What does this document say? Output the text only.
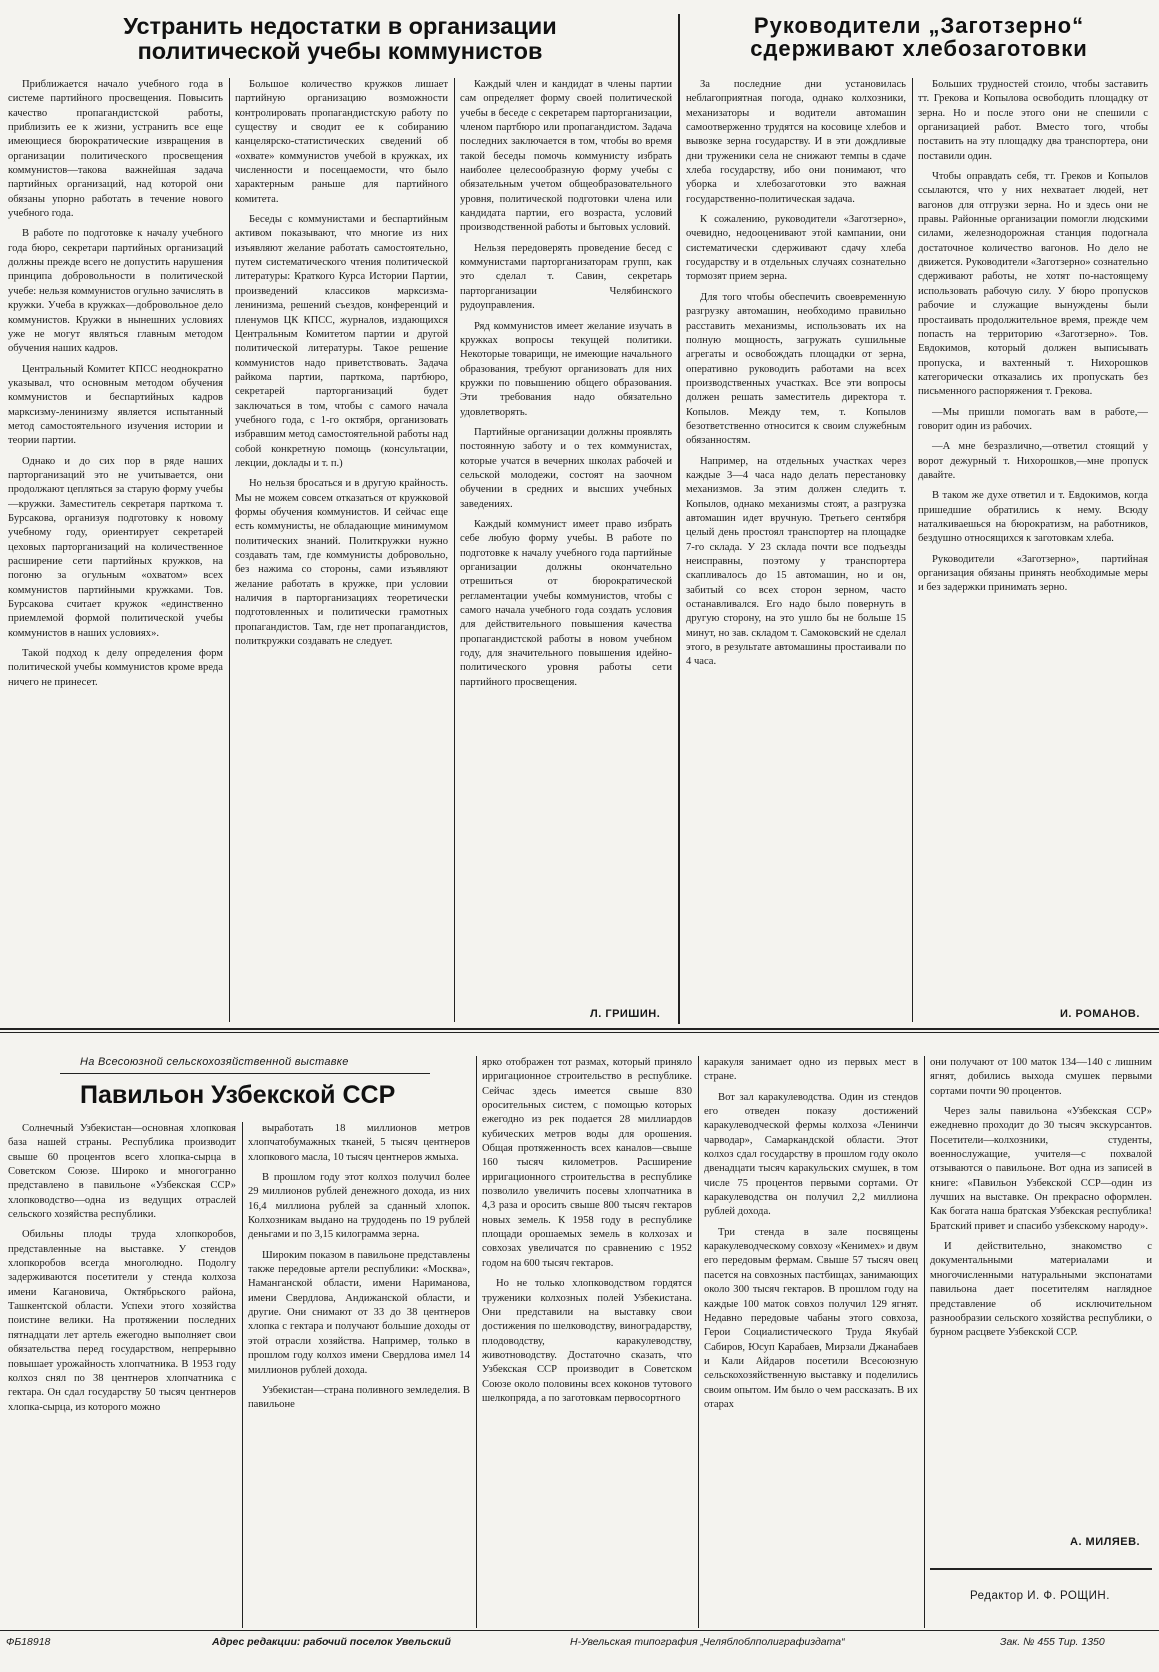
Устранить недостатки в организации
политической учебы коммунистов

Приближается начало учебного года в системе партийного просвещения. Повысить качество пропагандистской работы, приблизить ее к жизни, устранить все еще имеющиеся бюрократические извращения в организации политического просвещения коммунистов—такова важнейшая задача партийных организаций, над которой они обязаны упорно работать в течение нового учебного года.

В работе по подготовке к началу учебного года бюро, секретари партийных организаций должны прежде всего не допустить нарушения принципа добровольности в политической учебе: нельзя коммунистов огульно зачислять в кружки. Учеба в кружках—добровольное дело коммунистов. Кружки в нынешних условиях уже не могут являться главным методом обучения наших кадров.

Центральный Комитет КПСС неоднократно указывал, что основным методом обучения коммунистов и беспартийных кадров марксизму-ленинизму является испытанный метод самостоятельного изучения истории и теории партии.

Однако и до сих пор в ряде наших парторганизаций это не учитывается, они продолжают цепляться за старую форму учебы—кружки. Заместитель секретаря парткома т. Бурсакова, организуя подготовку к новому учебному году, ориентирует секретарей цеховых парторганизаций на количественное расширение сети партийных кружков, на погоню за огульным «охватом» всех коммунистов партийными кружками. Тов. Бурсакова считает кружок «единственно приемлемой формой политической учебы коммунистов в наших условиях».

Такой подход к делу определения форм политической учебы коммунистов кроме вреда ничего не принесет.

Большое количество кружков лишает партийную организацию возможности контролировать пропагандистскую работу по существу и сводит ее к собиранию канцелярско-статистических сведений об «охвате» коммунистов учебой в кружках, их численности и посещаемости, что было характерным раньше для партийного комитета.

Беседы с коммунистами и беспартийным активом показывают, что многие из них изъявляют желание работать самостоятельно, путем систематического чтения политической литературы: Краткого Курса Истории Партии, произведений классиков марксизма-ленинизма, решений съездов, конференций и пленумов ЦК КПСС, журналов, издающихся Центральным Комитетом партии и другой политической литературы. Такое решение коммунистов надо приветствовать. Задача райкома партии, парткома, партбюро, секретарей парторганизаций будет заключаться в том, чтобы с самого начала учебного года, с 1-го октября, организовать избравшим метод самостоятельной работы над собой конкретную помощь (консультации, лекции, доклады и т. п.)

Но нельзя бросаться и в другую крайность. Мы не можем совсем отказаться от кружковой формы обучения коммунистов. И сейчас еще есть коммунисты, не обладающие минимумом политических знаний. Политкружки нужно создавать там, где коммунисты добровольно, без нажима со стороны, сами изъявляют желание работать в кружке, при условии наличия в парторганизациях теоретически подготовленных и политически грамотных пропагандистов. Там, где нет пропагандистов, политкружки создавать не следует.

Каждый член и кандидат в члены партии сам определяет форму своей политической учебы в беседе с секретарем парторганизации, членом партбюро или пропагандистом. Задача последних заключается в том, чтобы во время такой беседы помочь коммунисту избрать наиболее целесообразную форму учебы с обязательным учетом общеобразовательного уровня, политической подготовки члена или кандидата партии, его возраста, условий производственной работы и бытовых условий.

Нельзя передоверять проведение бесед с коммунистами парторганизаторам групп, как это сделал т. Савин, секретарь парторганизации Челябинского рудоуправления.

Ряд коммунистов имеет желание изучать в кружках вопросы текущей политики. Некоторые товарищи, не имеющие начального образования, требуют организовать для них кружки по повышению общего образования. Эти требования надо обязательно удовлетворять.

Партийные организации должны проявлять постоянную заботу и о тех коммунистах, которые учатся в вечерних школах рабочей и сельской молодежи, состоят на заочном обучении в средних и высших учебных заведениях.

Каждый коммунист имеет право избрать себе любую форму учебы. В работе по подготовке к началу учебного года партийные организации должны окончательно отрешиться от бюрократической регламентации учебы коммунистов, чтобы с самого начала учебного года создать условия для действительного повышения качества пропагандистской работы в новом учебном году, для значительного повышения идейно-политического уровня работы сети партийного просвещения.

Л. ГРИШИН.
Руководители „Заготзерно“
сдерживают хлебозаготовки

За последние дни установилась неблагоприятная погода, однако колхозники, механизаторы и водители автомашин самоотверженно трудятся на косовице хлебов и вывозке зерна государству. И в эти дождливые дни труженики села не снижают темпы в сдаче хлеба государству, ибо они понимают, что уборка и хлебозаготовки это важная государственно-политическая задача.

К сожалению, руководители «Заготзерно», очевидно, недооценивают этой кампании, они систематически сдерживают сдачу хлеба государству и в отдельных случаях сознательно тормозят прием зерна.

Для того чтобы обеспечить своевременную разгрузку автомашин, необходимо правильно расставить механизмы, использовать их на полную мощность, загружать сушильные агрегаты и освобождать площадки от зерна, оперативно руководить работами на всех производственных участках. Все эти вопросы должен решать заместитель директора т. Копылов. Между тем, т. Копылов безответственно относится к своим служебным обязанностям.

Например, на отдельных участках через каждые 3—4 часа надо делать перестановку механизмов. За этим должен следить т. Копылов, однако механизмы стоят, а разгрузка автомашин идет вручную. Третьего сентября целый день простоял транспортер на площадке 7-го склада. У 23 склада почти все подъезды неисправны, поэтому у транспортера скапливалось до 15 автомашин, но и он, забитый со всех сторон зерном, часто останавливался. Его надо было повернуть в другую сторону, на это ушло бы не больше 15 минут, но зав. складом т. Самоковский не сделал этого, в результате автомашины простаивали по 4 часа.

Больших трудностей стоило, чтобы заставить тт. Грекова и Копылова освободить площадку от зерна. Но и после этого они не спешили с организацией работ. Вместо того, чтобы поставить на эту площадку два транспортера, они поставили один.

Чтобы оправдать себя, тт. Греков и Копылов ссылаются, что у них нехватает людей, нет вагонов для отгрузки зерна. Но и здесь они не правы. Районные организации помогли людскими силами, железнодорожная станция подогнала достаточное количество вагонов. Но дело не движется. Руководители «Заготзерно» сознательно сдерживают работы, не хотят по-настоящему использовать рабочую силу. У бюро пропусков рабочие и служащие вынуждены были простаивать продолжительное время, прежде чем попасть на территорию «Заготзерно». Тов. Евдокимов, который должен выписывать пропуска, и вахтенный т. Нихорошков категорически отказались их пропускать без письменного распоряжения т. Грекова.

—Мы пришли помогать вам в работе,—говорит один из рабочих.

—А мне безразлично,—ответил стоящий у ворот дежурный т. Нихорошков,—мне пропуск давайте.

В таком же духе ответил и т. Евдокимов, когда пришедшие обратились к нему. Всюду наталкиваешься на бюрократизм, на работников, бездушно относящихся к заготовкам хлеба.

Руководители «Заготзерно», партийная организация обязаны принять необходимые меры и без задержки принимать зерно.

И. РОМАНОВ.
На Всесоюзной сельскохозяйственной выставке
Павильон Узбекской ССР

Солнечный Узбекистан—основная хлопковая база нашей страны. Республика производит свыше 60 процентов всего хлопка-сырца в Советском Союзе. Широко и многогранно представлено в павильоне «Узбекская ССР» хлопководство—одна из ведущих отраслей сельского хозяйства республики.

Обильны плоды труда хлопкоробов, представленные на выставке. У стендов хлопкоробов всегда многолюдно. Подолгу задерживаются посетители у стенда колхоза имени Кагановича, Октябрьского района, Ташкентской области. Успехи этого хозяйства поистине велики. На протяжении последних пятнадцати лет артель ежегодно выполняет свои обязательства перед государством, непрерывно повышает урожайность хлопчатника. В 1953 году колхоз снял по 38 центнеров хлопчатника с гектара. Он сдал государству 50 тысяч центнеров хлопка-сырца, из которого можно

выработать 18 миллионов метров хлопчатобумажных тканей, 5 тысяч центнеров хлопкового масла, 10 тысяч центнеров жмыха.

В прошлом году этот колхоз получил более 29 миллионов рублей денежного дохода, из них 16,4 миллиона рублей за сданный хлопок. Колхозникам выдано на трудодень по 19 рублей деньгами и по 3,15 килограмма зерна.

Широким показом в павильоне представлены также передовые артели республики: «Москва», Наманганской области, имени Нариманова, имени Свердлова, Андижанской области, и другие. Они снимают от 33 до 38 центнеров хлопка с гектара и получают большие доходы от этой отрасли хозяйства. Например, только в прошлом году колхоз имени Свердлова имел 14 миллионов рублей дохода.

Узбекистан—страна поливного земледелия. В павильоне

ярко отображен тот размах, который приняло ирригационное строительство в республике. Сейчас здесь имеется свыше 830 оросительных систем, с помощью которых ежегодно из рек подается 28 миллиардов кубических метров воды для орошения. Общая протяженность всех каналов—свыше 160 тысяч километров. Расширение ирригационного строительства в республике позволило увеличить посевы хлопчатника в 4,3 раза и оросить свыше 800 тысяч гектаров новых земель. К 1958 году в республике площади орошаемых земель в колхозах и совхозах увеличатся по сравнению с 1952 годом на 600 тысяч гектаров.

Но не только хлопководством гордятся труженики колхозных полей Узбекистана. Они представили на выставку свои достижения по шелководству, виноградарству, плодоводству, каракулеводству, животноводству. Достаточно сказать, что Узбекская ССР производит в Советском Союзе около половины всех коконов тутового шелкопряда, а по заготовкам первосортного

каракуля занимает одно из первых мест в стране.

Вот зал каракулеводства. Один из стендов его отведен показу достижений каракулеводческой фермы колхоза «Ленинчи чарводар», Самаркандской области. Этот колхоз сдал государству в прошлом году около двенадцати тысяч каракульских смушек, в том числе 75 процентов первыми сортами. От каракулеводства он получил 2,2 миллиона рублей дохода.

Три стенда в зале посвящены каракулеводческому совхозу «Кенимех» и двум его передовым фермам. Свыше 57 тысяч овец пасется на совхозных пастбищах, занимающих около 300 тысяч гектаров. В прошлом году на каждые 100 маток совхоз получил 129 ягнят. Недавно передовые чабаны этого совхоза, Герои Социалистического Труда Якубай Сабиров, Юсуп Карабаев, Мирзали Джанабаев и Кали Айдаров посетили Всесоюзную сельскохозяйственную выставку и поделились своим опытом. Им было о чем рассказать. В их отарах

они получают от 100 маток 134—140 с лишним ягнят, добились выхода смушек первыми сортами почти 90 процентов.

Через залы павильона «Узбекская ССР» ежедневно проходит до 30 тысяч экскурсантов. Посетители—колхозники, студенты, военнослужащие, учителя—с похвалой отзываются о павильоне. Вот одна из записей в книге: «Павильон Узбекской ССР—один из лучших на выставке. Он прекрасно оформлен. Как богата наша братская Узбекская республика! Братский привет и спасибо узбекскому народу».

И действительно, знакомство с документальными материалами и многочисленными натуральными экспонатами павильона дает посетителям наглядное представление об исключительном разнообразии сельского хозяйства республики, о бурном расцвете Узбекской ССР.

А. МИЛЯЕВ.
Редактор И. Ф. РОЩИН.
ФБ18918	Адрес редакции: рабочий поселок Увельский	Н-Увельская типография „Челяблоблполиграфиздата“	Зак. № 455 Тир. 1350
